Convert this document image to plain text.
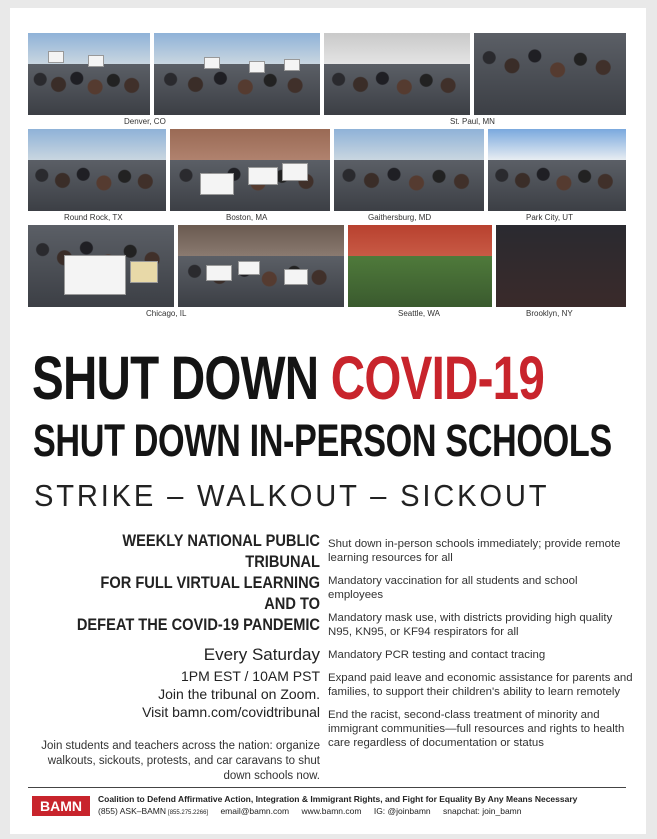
Denver, CO	St. Paul, MN
Round Rock, TX	Boston, MA	Gaithersburg, MD	Park City, UT
Chicago, IL	Seattle, WA	Brooklyn, NY
SHUT DOWN COVID-19
SHUT DOWN IN-PERSON SCHOOLS
STRIKE – WALKOUT – SICKOUT
WEEKLY NATIONAL PUBLIC TRIBUNAL
FOR FULL VIRTUAL LEARNING AND TO
DEFEAT THE COVID-19 PANDEMIC
Every Saturday
1PM EST / 10AM PST
Join the tribunal on Zoom.
Visit bamn.com/covidtribunal
Join students and teachers across the nation: organize walkouts, sickouts, protests, and car caravans to shut down schools now.

Shut down in-person schools immediately; provide remote learning resources for all

Mandatory vaccination for all students and school employees

Mandatory mask use, with districts providing high quality N95, KN95, or KF94 respirators for all

Mandatory PCR testing and contact tracing

Expand paid leave and economic assistance for parents and families, to support their children's ability to learn remotely

End the racist, second-class treatment of minority and immigrant communities—full resources and rights to health care regardless of documentation or status

BAMN	Coalition to Defend Affirmative Action, Integration & Immigrant Rights, and Fight for Equality By Any Means Necessary
(855) ASK–BAMN [855.275.2266] email@bamn.com www.bamn.com IG: @joinbamn snapchat: join_bamn
